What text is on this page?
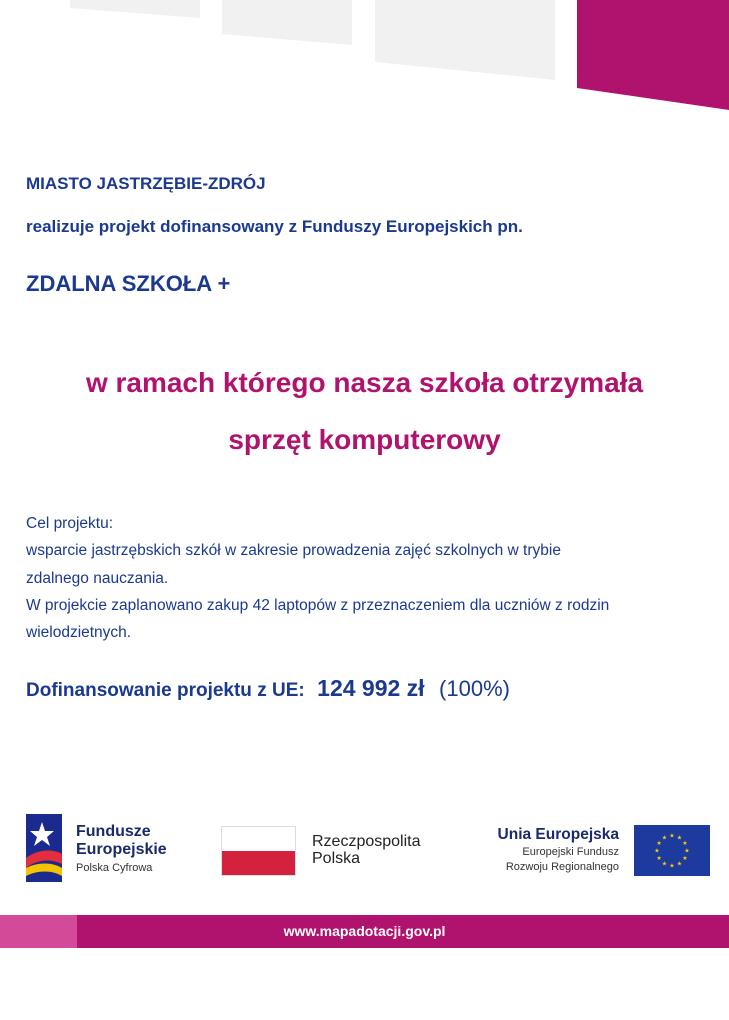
MIASTO JASTRZĘBIE-ZDRÓJ
realizuje projekt dofinansowany z Funduszy Europejskich pn.
ZDALNA SZKOŁA +
w ramach którego nasza szkoła otrzymała
sprzęt komputerowy

Cel projektu:

wsparcie jastrzębskich szkół w zakresie prowadzenia zajęć szkolnych w trybie

zdalnego nauczania.

W projekcie zaplanowano zakup 42 laptopów z przeznaczeniem dla uczniów z rodzin

wielodzietnych.

Dofinansowanie projektu z UE: 124 992 zł (100%)
Fundusze
Europejskie
Polska Cyfrowa
Rzeczpospolita
Polska
Unia Europejska
Europejski Fundusz
Rozwoju Regionalnego
★ ★
★
★
★
★
★
★
★
★
★
★
www.mapadotacji.gov.pl
